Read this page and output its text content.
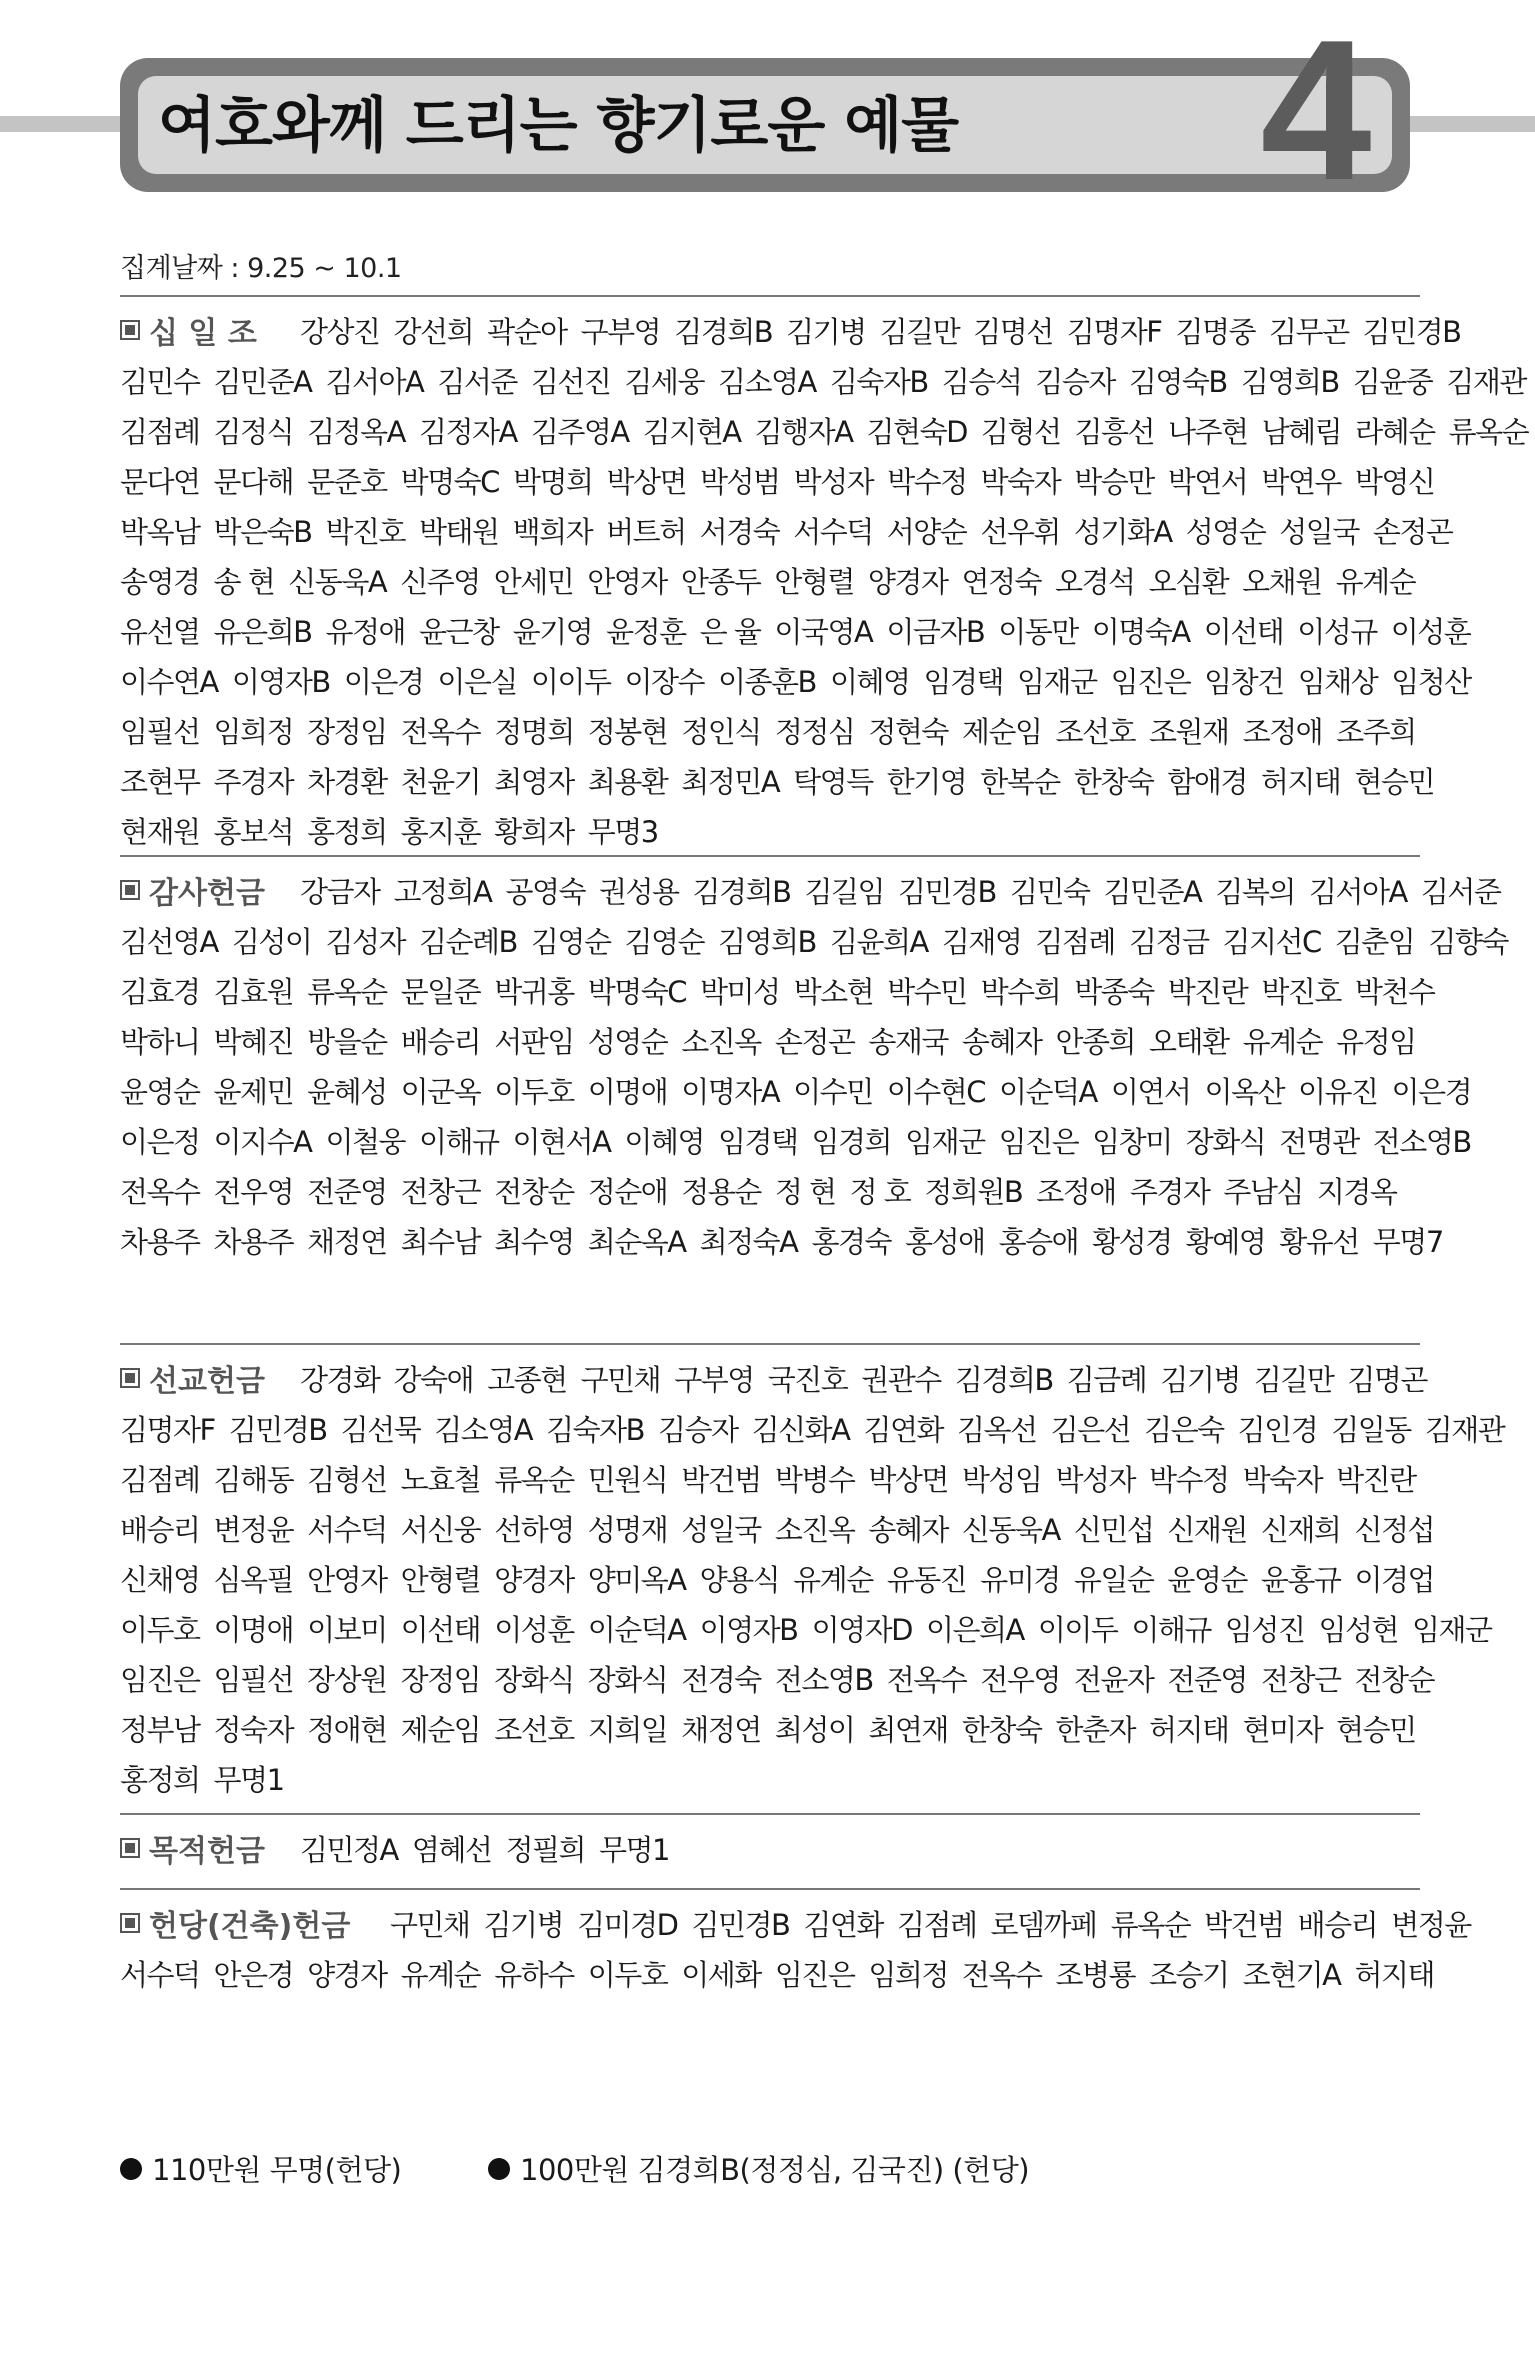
여호와께 드리는 향기로운 예물 4
집계날짜 : 9.25 ~ 10.1
십 일 조 강상진 강선희 곽순아 구부영 김경희B 김기병 김길만 김명선 김명자F 김명중 김무곤 김민경B
김민수 김민준A 김서아A 김서준 김선진 김세웅 김소영A 김숙자B 김승석 김승자 김영숙B 김영희B 김윤중 김재관
김점례 김정식 김정옥A 김정자A 김주영A 김지현A 김행자A 김현숙D 김형선 김흥선 나주현 남혜림 라혜순 류옥순
문다연 문다해 문준호 박명숙C 박명희 박상면 박성범 박성자 박수정 박숙자 박승만 박연서 박연우 박영신
박옥남 박은숙B 박진호 박태원 백희자 버트허 서경숙 서수덕 서양순 선우휘 성기화A 성영순 성일국 손정곤
송영경 송 현 신동욱A 신주영 안세민 안영자 안종두 안형렬 양경자 연정숙 오경석 오심환 오채원 유계순
유선열 유은희B 유정애 윤근창 윤기영 윤정훈 은 율 이국영A 이금자B 이동만 이명숙A 이선태 이성규 이성훈
이수연A 이영자B 이은경 이은실 이이두 이장수 이종훈B 이혜영 임경택 임재군 임진은 임창건 임채상 임청산
임필선 임희정 장정임 전옥수 정명희 정봉현 정인식 정정심 정현숙 제순임 조선호 조원재 조정애 조주희
조현무 주경자 차경환 천윤기 최영자 최용환 최정민A 탁영득 한기영 한복순 한창숙 함애경 허지태 현승민
현재원 홍보석 홍정희 홍지훈 황희자 무명3
감사헌금 강금자 고정희A 공영숙 권성용 김경희B 김길임 김민경B 김민숙 김민준A 김복의 김서아A 김서준
김선영A 김성이 김성자 김순례B 김영순 김영순 김영희B 김윤희A 김재영 김점례 김정금 김지선C 김춘임 김향숙
김효경 김효원 류옥순 문일준 박귀홍 박명숙C 박미성 박소현 박수민 박수희 박종숙 박진란 박진호 박천수
박하니 박혜진 방을순 배승리 서판임 성영순 소진옥 손정곤 송재국 송혜자 안종희 오태환 유계순 유정임
윤영순 윤제민 윤혜성 이군옥 이두호 이명애 이명자A 이수민 이수현C 이순덕A 이연서 이옥산 이유진 이은경
이은정 이지수A 이철웅 이해규 이현서A 이혜영 임경택 임경희 임재군 임진은 임창미 장화식 전명관 전소영B
전옥수 전우영 전준영 전창근 전창순 정순애 정용순 정 현 정 호 정희원B 조정애 주경자 주남심 지경옥
차용주 차용주 채정연 최수남 최수영 최순옥A 최정숙A 홍경숙 홍성애 홍승애 황성경 황예영 황유선 무명7
선교헌금 강경화 강숙애 고종현 구민채 구부영 국진호 권관수 김경희B 김금례 김기병 김길만 김명곤
김명자F 김민경B 김선묵 김소영A 김숙자B 김승자 김신화A 김연화 김옥선 김은선 김은숙 김인경 김일동 김재관
김점례 김해동 김형선 노효철 류옥순 민원식 박건범 박병수 박상면 박성임 박성자 박수정 박숙자 박진란
배승리 변정윤 서수덕 서신웅 선하영 성명재 성일국 소진옥 송혜자 신동욱A 신민섭 신재원 신재희 신정섭
신채영 심옥필 안영자 안형렬 양경자 양미옥A 양용식 유계순 유동진 유미경 유일순 윤영순 윤홍규 이경업
이두호 이명애 이보미 이선태 이성훈 이순덕A 이영자B 이영자D 이은희A 이이두 이해규 임성진 임성현 임재군
임진은 임필선 장상원 장정임 장화식 장화식 전경숙 전소영B 전옥수 전우영 전윤자 전준영 전창근 전창순
정부남 정숙자 정애현 제순임 조선호 지희일 채정연 최성이 최연재 한창숙 한춘자 허지태 현미자 현승민
홍정희 무명1
목적헌금 김민정A 염혜선 정필희 무명1
헌당(건축)헌금 구민채 김기병 김미경D 김민경B 김연화 김점례 로뎀까페 류옥순 박건범 배승리 변정윤
서수덕 안은경 양경자 유계순 유하수 이두호 이세화 임진은 임희정 전옥수 조병룡 조승기 조현기A 허지태
110만원 무명(헌당)	100만원 김경희B(정정심, 김국진) (헌당)
